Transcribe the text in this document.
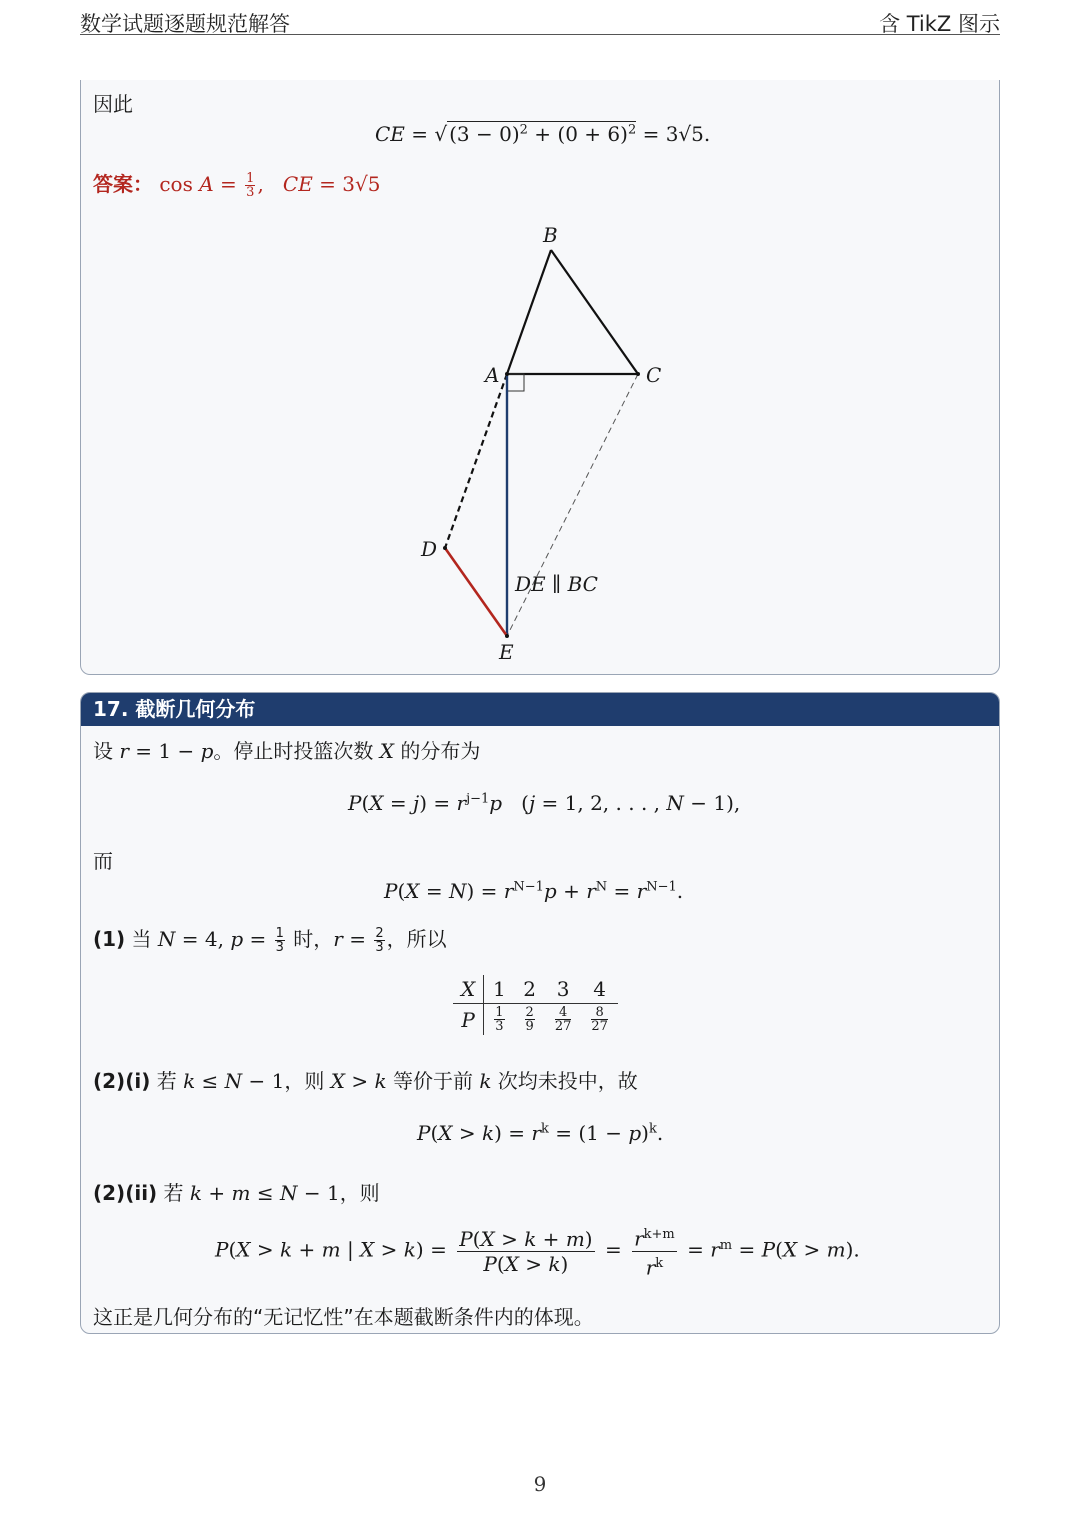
数学试题逐题规范解答	含 TikZ 图示
因此
CE = √ $(3 - 0)^2 + (0 + 6)^2 = 3√5$.
答案： $\cos A = \frac{1}{3}$ , CE = 3√5
B
A	C
D
E
DE ∥ BC
17. 截断几何分布
设 r = 1 − p。停止时投篮次数 X 的分布为
$P(X = j) = r^{j-1}p$   (j = 1, 2, . . . , N − 1),
而
$P(X = N) = r^{N-1}p + r^N = r^{N-1}$.
(1) 当 N = 4, $p = \frac{1}{3}$ 时，$r = \frac{2}{3}$ ，所以
X	1	2	3	4
P	$\frac{1}{3}$	$\frac{2}{9}$	$\frac{4}{27}$	$\frac{8}{27}$
(2)(i) 若 k ≤ N − 1，则 X > k 等价于前 k 次均未投中，故
$P(X > k) = r^k = (1 - p)^k$.
(2)(ii) 若 k + m ≤ N − 1，则
P(X > k + m | $X > k) = \frac{P(X > k + m)}{P(X > k)} = \frac{r^{k+m}}{r^k} = r^m = P(X > m)$.
这正是几何分布的“无记忆性”在本题截断条件内的体现。
9
